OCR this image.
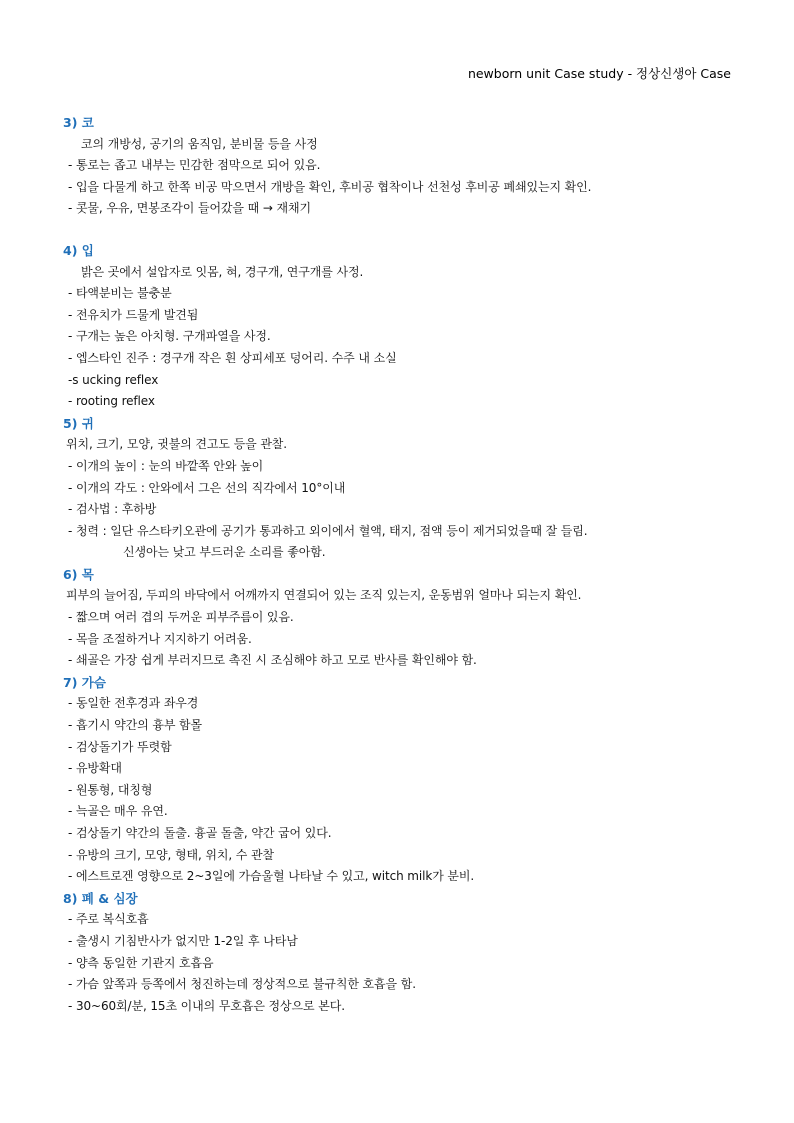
newborn unit Case study - 정상신생아 Case
3) 코
코의 개방성, 공기의 움직임, 분비물 등을 사정
- 통로는 좁고 내부는 민감한 점막으로 되어 있음.
- 입을 다물게 하고 한쪽 비공 막으면서 개방을 확인, 후비공 협착이나 선천성 후비공 폐쇄있는지 확인.
- 콧물, 우유, 면봉조각이 들어갔을 때 → 재채기
4) 입
밝은 곳에서 설압자로 잇몸, 혀, 경구개, 연구개를 사정.
- 타액분비는 불충분
- 전유치가 드물게 발견됨
- 구개는 높은 아치형. 구개파열을 사정.
- 엡스타인 진주 : 경구개 작은 흰 상피세포 덩어리. 수주 내 소실
-s ucking reflex
- rooting reflex
5) 귀
위치, 크기, 모양, 귓불의 견고도 등을 관찰.
- 이개의 높이 : 눈의 바깥쪽 안와 높이
- 이개의 각도 : 안와에서 그은 선의 직각에서 10°이내
- 검사법 : 후하방
- 청력 : 일단 유스타키오관에 공기가 통과하고 외이에서 혈액, 태지, 점액 등이 제거되었을때 잘 들림.
신생아는 낮고 부드러운 소리를 좋아함.
6) 목
피부의 늘어짐, 두피의 바닥에서 어깨까지 연결되어 있는 조직 있는지, 운동범위 얼마나 되는지 확인.
- 짧으며 여러 겹의 두꺼운 피부주름이 있음.
- 목을 조절하거나 지지하기 어려움.
- 쇄골은 가장 쉽게 부러지므로 촉진 시 조심해야 하고 모로 반사를 확인해야 함.
7) 가슴
- 동일한 전후경과 좌우경
- 흡기시 약간의 흉부 함몰
- 검상돌기가 뚜렷함
- 유방확대
- 원통형, 대칭형
- 늑골은 매우 유연.
- 검상돌기 약간의 돌출. 흉골 돌출, 약간 굽어 있다.
- 유방의 크기, 모양, 형태, 위치, 수 관찰
- 에스트로겐 영향으로 2~3일에 가슴울혈 나타날 수 있고, witch milk가 분비.
8) 폐 & 심장
- 주로 복식호흡
- 출생시 기침반사가 없지만 1-2일 후 나타남
- 양측 동일한 기관지 호흡음
- 가슴 앞쪽과 등쪽에서 청진하는데 정상적으로 불규칙한 호흡을 함.
- 30~60회/분, 15초 이내의 무호흡은 정상으로 본다.
